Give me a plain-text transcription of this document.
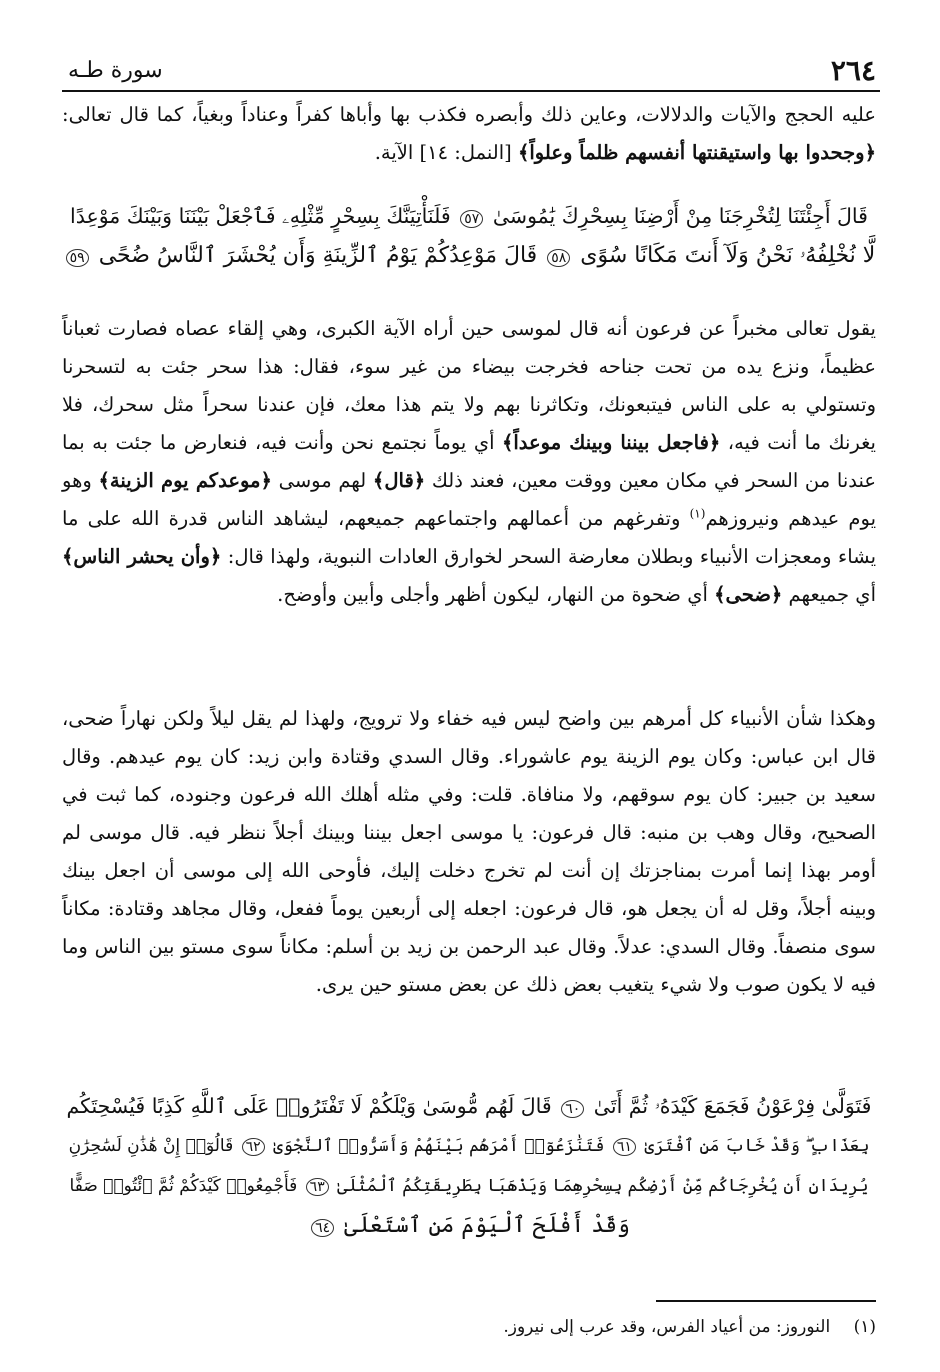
٢٦٤
سورة طـه

عليه الحجج والآيات والدلالات، وعاين ذلك وأبصره فكذب بها وأباها كفراً وعناداً وبغياً، كما قال تعالى: ﴿وجحدوا بها واستيقنتها أنفسهم ظلماً وعلواً﴾ [النمل: ١٤] الآية.

قَالَ أَجِئْتَنَا لِتُخْرِجَنَا مِنْ أَرْضِنَا بِسِحْرِكَ يَٰمُوسَىٰ ٥٧ فَلَنَأْتِيَنَّكَ بِسِحْرٍ مِّثْلِهِۦ فَٱجْعَلْ بَيْنَنَا وَبَيْنَكَ مَوْعِدًا

لَّا نُخْلِفُهُۥ نَحْنُ وَلَآ أَنتَ مَكَانًا سُوًى ٥٨ قَالَ مَوْعِدُكُمْ يَوْمُ ٱلزِّينَةِ وَأَن يُحْشَرَ ٱلنَّاسُ ضُحًى ٥٩

يقول تعالى مخبراً عن فرعون أنه قال لموسى حين أراه الآية الكبرى، وهي إلقاء عصاه فصارت ثعباناً عظيماً، ونزع يده من تحت جناحه فخرجت بيضاء من غير سوء، فقال: هذا سحر جئت به لتسحرنا وتستولي به على الناس فيتبعونك، وتكاثرنا بهم ولا يتم هذا معك، فإن عندنا سحراً مثل سحرك، فلا يغرنك ما أنت فيه، ﴿فاجعل بيننا وبينك موعداً﴾ أي يوماً نجتمع نحن وأنت فيه، فنعارض ما جئت به بما عندنا من السحر في مكان معين ووقت معين، فعند ذلك ﴿قال﴾ لهم موسى ﴿موعدكم يوم الزينة﴾ وهو يوم عيدهم ونيروزهم$^{(١)}$ وتفرغهم من أعمالهم واجتماعهم جميعهم، ليشاهد الناس قدرة الله على ما يشاء ومعجزات الأنبياء وبطلان معارضة السحر لخوارق العادات النبوية، ولهذا قال: ﴿وأن يحشر الناس﴾ أي جميعهم ﴿ضحى﴾ أي ضحوة من النهار، ليكون أظهر وأجلى وأبين وأوضح.

وهكذا شأن الأنبياء كل أمرهم بين واضح ليس فيه خفاء ولا ترويج، ولهذا لم يقل ليلاً ولكن نهاراً ضحى، قال ابن عباس: وكان يوم الزينة يوم عاشوراء. وقال السدي وقتادة وابن زيد: كان يوم عيدهم. وقال سعيد بن جبير: كان يوم سوقهم، ولا منافاة. قلت: وفي مثله أهلك الله فرعون وجنوده، كما ثبت في الصحيح، وقال وهب بن منبه: قال فرعون: يا موسى اجعل بيننا وبينك أجلاً ننظر فيه. قال موسى لم أومر بهذا إنما أمرت بمناجزتك إن أنت لم تخرج دخلت إليك، فأوحى الله إلى موسى أن اجعل بينك وبينه أجلاً، وقل له أن يجعل هو، قال فرعون: اجعله إلى أربعين يوماً ففعل، وقال مجاهد وقتادة: مكاناً سوى منصفاً. وقال السدي: عدلاً. وقال عبد الرحمن بن زيد بن أسلم: مكاناً سوى مستو بين الناس وما فيه لا يكون صوب ولا شيء يتغيب بعض ذلك عن بعض مستو حين يرى.

فَتَوَلَّىٰ فِرْعَوْنُ فَجَمَعَ كَيْدَهُۥ ثُمَّ أَتَىٰ ٦٠ قَالَ لَهُم مُّوسَىٰ وَيْلَكُمْ لَا تَفْتَرُوا۟ عَلَى ٱللَّهِ كَذِبًا فَيُسْحِتَكُم

بِعَذَابٍ ۖ وَقَدْ خَابَ مَنِ ٱفْتَرَىٰ ٦١ فَتَنَٰزَعُوٓا۟ أَمْرَهُم بَيْنَهُمْ وَأَسَرُّوا۟ ٱلنَّجْوَىٰ ٦٢ قَالُوٓا۟ إِنْ هَٰذَٰنِ لَسَٰحِرَٰنِ

يُرِيدَانِ أَن يُخْرِجَاكُم مِّنْ أَرْضِكُم بِسِحْرِهِمَا وَيَذْهَبَا بِطَرِيقَتِكُمُ ٱلْمُثْلَىٰ ٦٣ فَأَجْمِعُوا۟ كَيْدَكُمْ ثُمَّ ٱئْتُوا۟ صَفًّا

وَقَدْ أَفْلَحَ ٱلْيَوْمَ مَنِ ٱسْتَعْلَىٰ ٦٤

(١) النوروز: من أعياد الفرس، وقد عرب إلى نيروز.
